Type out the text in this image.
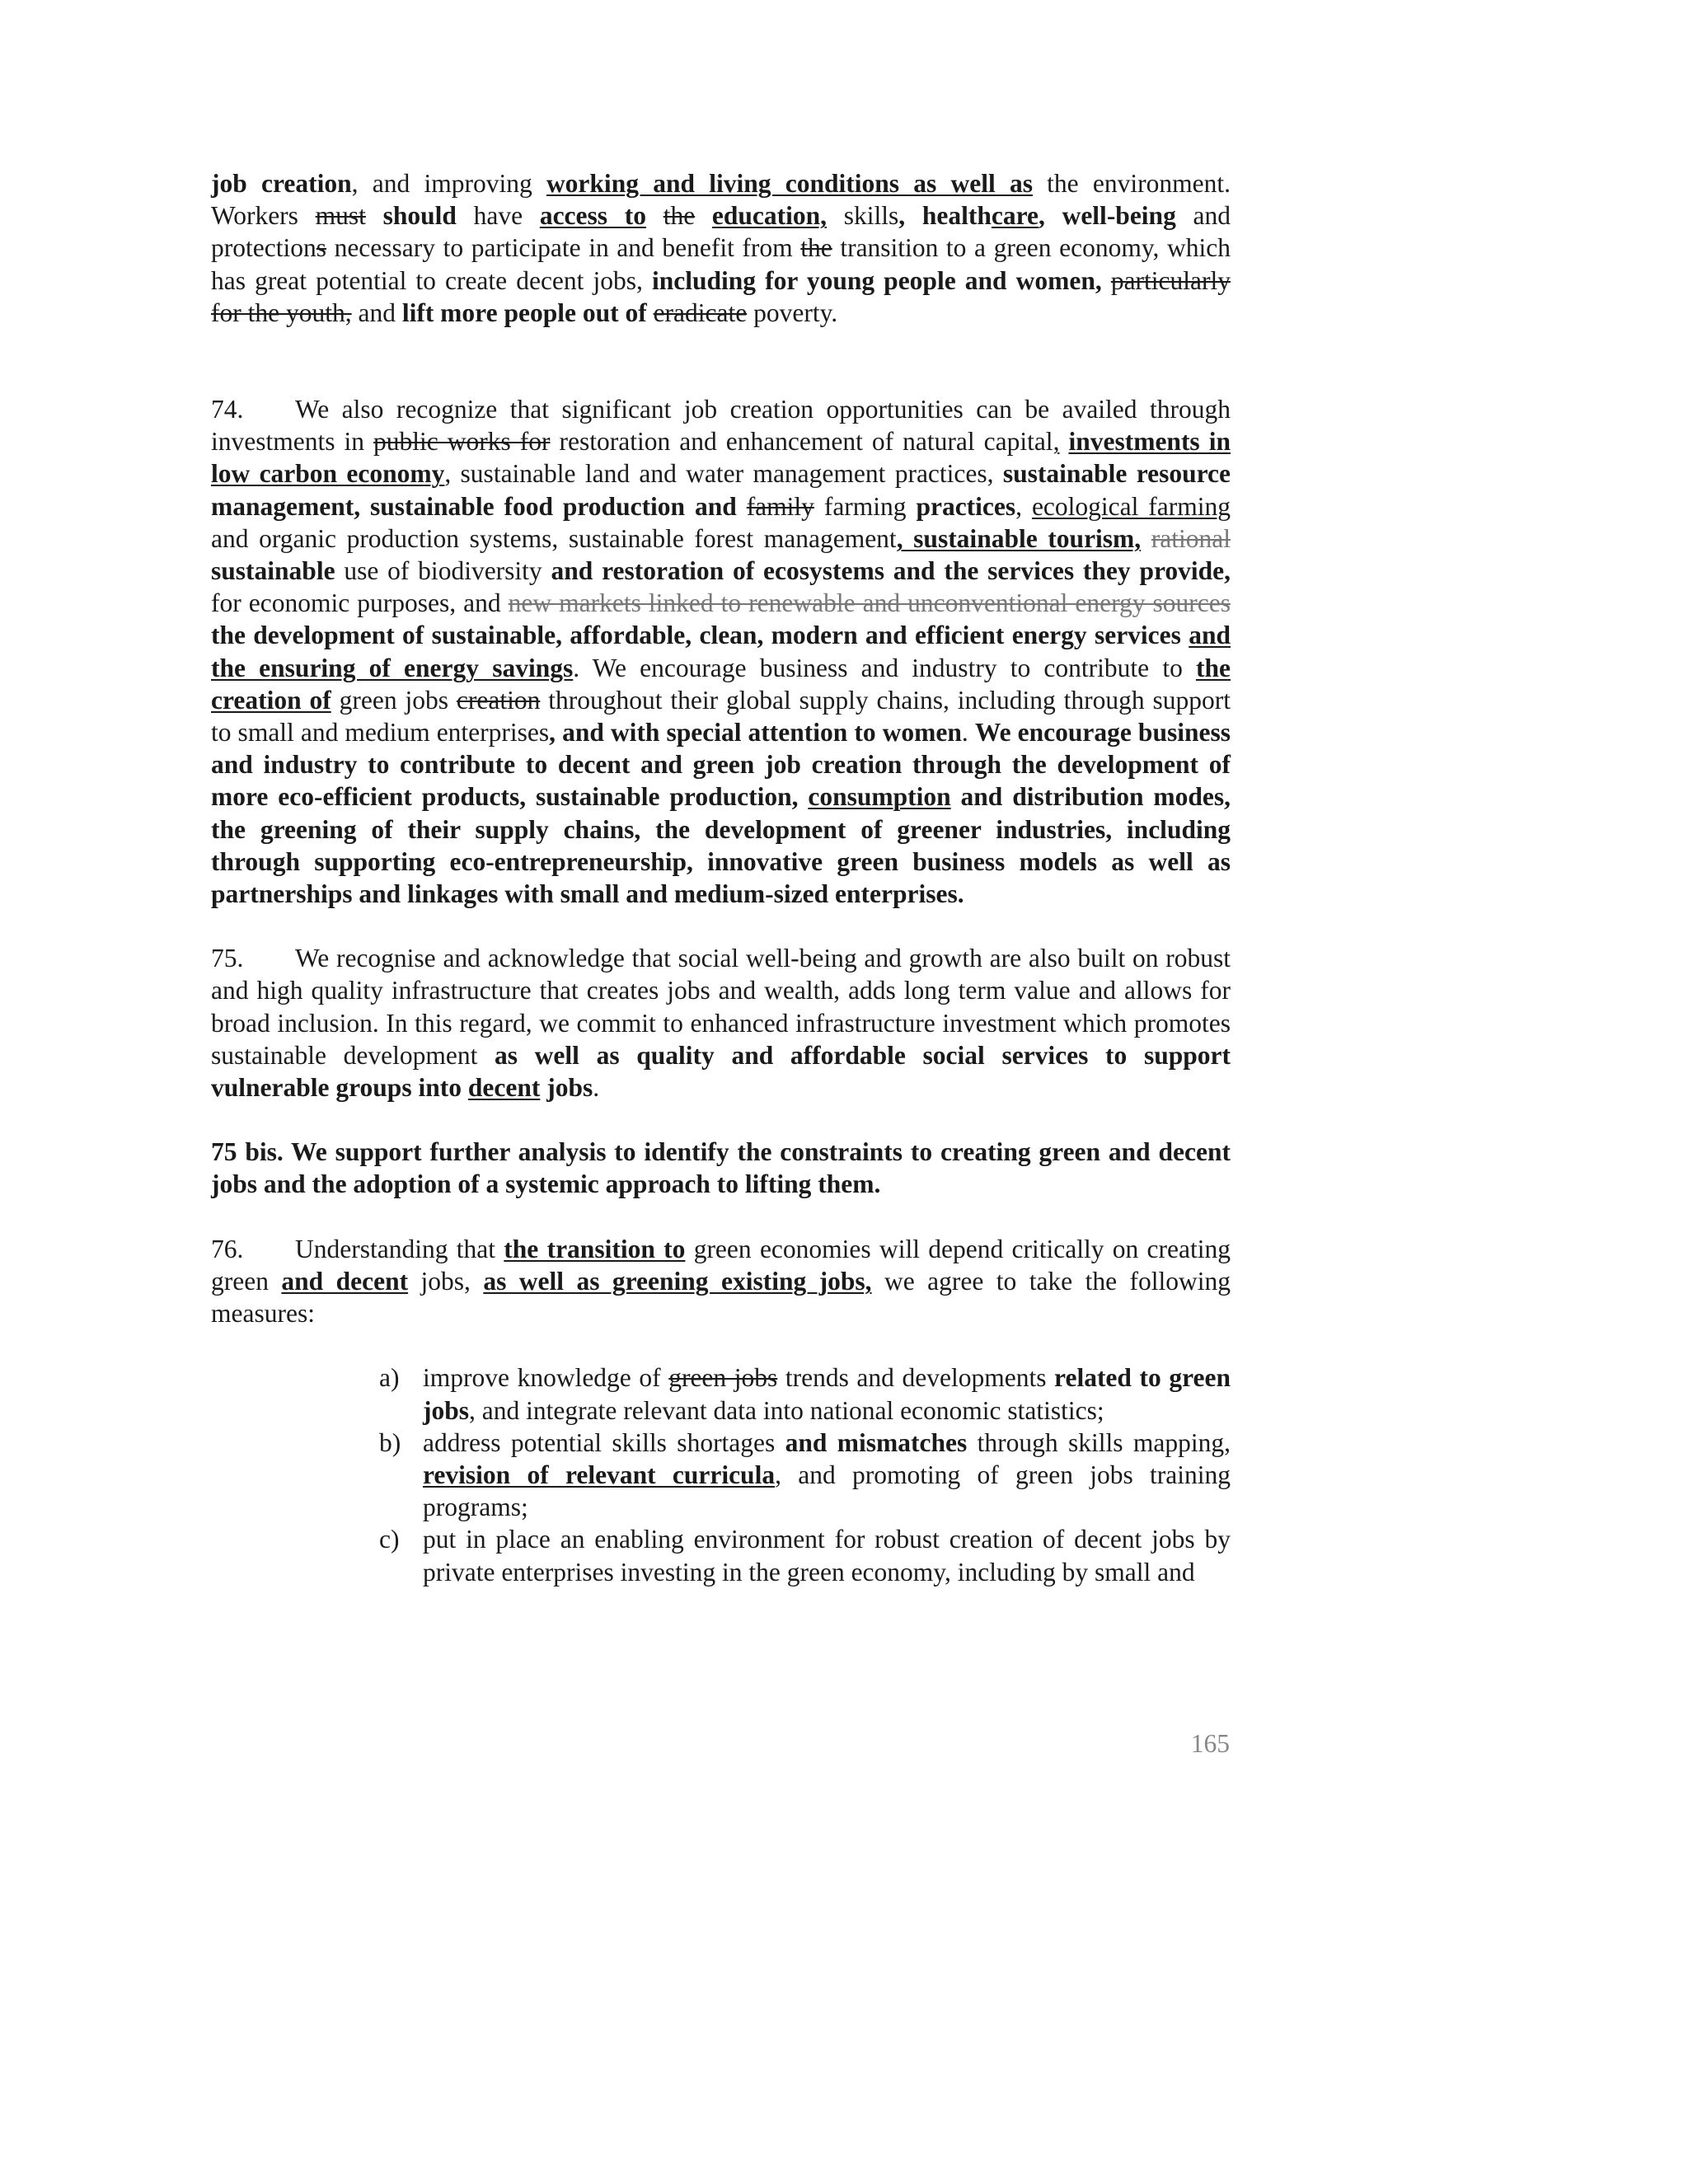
job creation, and improving working and living conditions as well as the environment. Workers must should have access to the education, skills, healthcare, well-being and protections necessary to participate in and benefit from the transition to a green economy, which has great potential to create decent jobs, including for young people and women, particularly for the youth, and lift more people out of eradicate poverty.

74. We also recognize that significant job creation opportunities can be availed through investments in public works for restoration and enhancement of natural capital, investments in low carbon economy, sustainable land and water management practices, sustainable resource management, sustainable food production and family farming practices, ecological farming and organic production systems, sustainable forest management, sustainable tourism, rational sustainable use of biodiversity and restoration of ecosystems and the services they provide, for economic purposes, and new markets linked to renewable and unconventional energy sources the development of sustainable, affordable, clean, modern and efficient energy services and the ensuring of energy savings. We encourage business and industry to contribute to the creation of green jobs creation throughout their global supply chains, including through support to small and medium enterprises, and with special attention to women. We encourage business and industry to contribute to decent and green job creation through the development of more eco-efficient products, sustainable production, consumption and distribution modes, the greening of their supply chains, the development of greener industries, including through supporting eco-entrepreneurship, innovative green business models as well as partnerships and linkages with small and medium-sized enterprises.

75. We recognise and acknowledge that social well-being and growth are also built on robust and high quality infrastructure that creates jobs and wealth, adds long term value and allows for broad inclusion. In this regard, we commit to enhanced infrastructure investment which promotes sustainable development as well as quality and affordable social services to support vulnerable groups into decent jobs.

75 bis. We support further analysis to identify the constraints to creating green and decent jobs and the adoption of a systemic approach to lifting them.

76. Understanding that the transition to green economies will depend critically on creating green and decent jobs, as well as greening existing jobs, we agree to take the following measures:

a) improve knowledge of green jobs trends and developments related to green jobs, and integrate relevant data into national economic statistics;
b) address potential skills shortages and mismatches through skills mapping, revision of relevant curricula, and promoting of green jobs training programs;
c) put in place an enabling environment for robust creation of decent jobs by private enterprises investing in the green economy, including by small and
165
